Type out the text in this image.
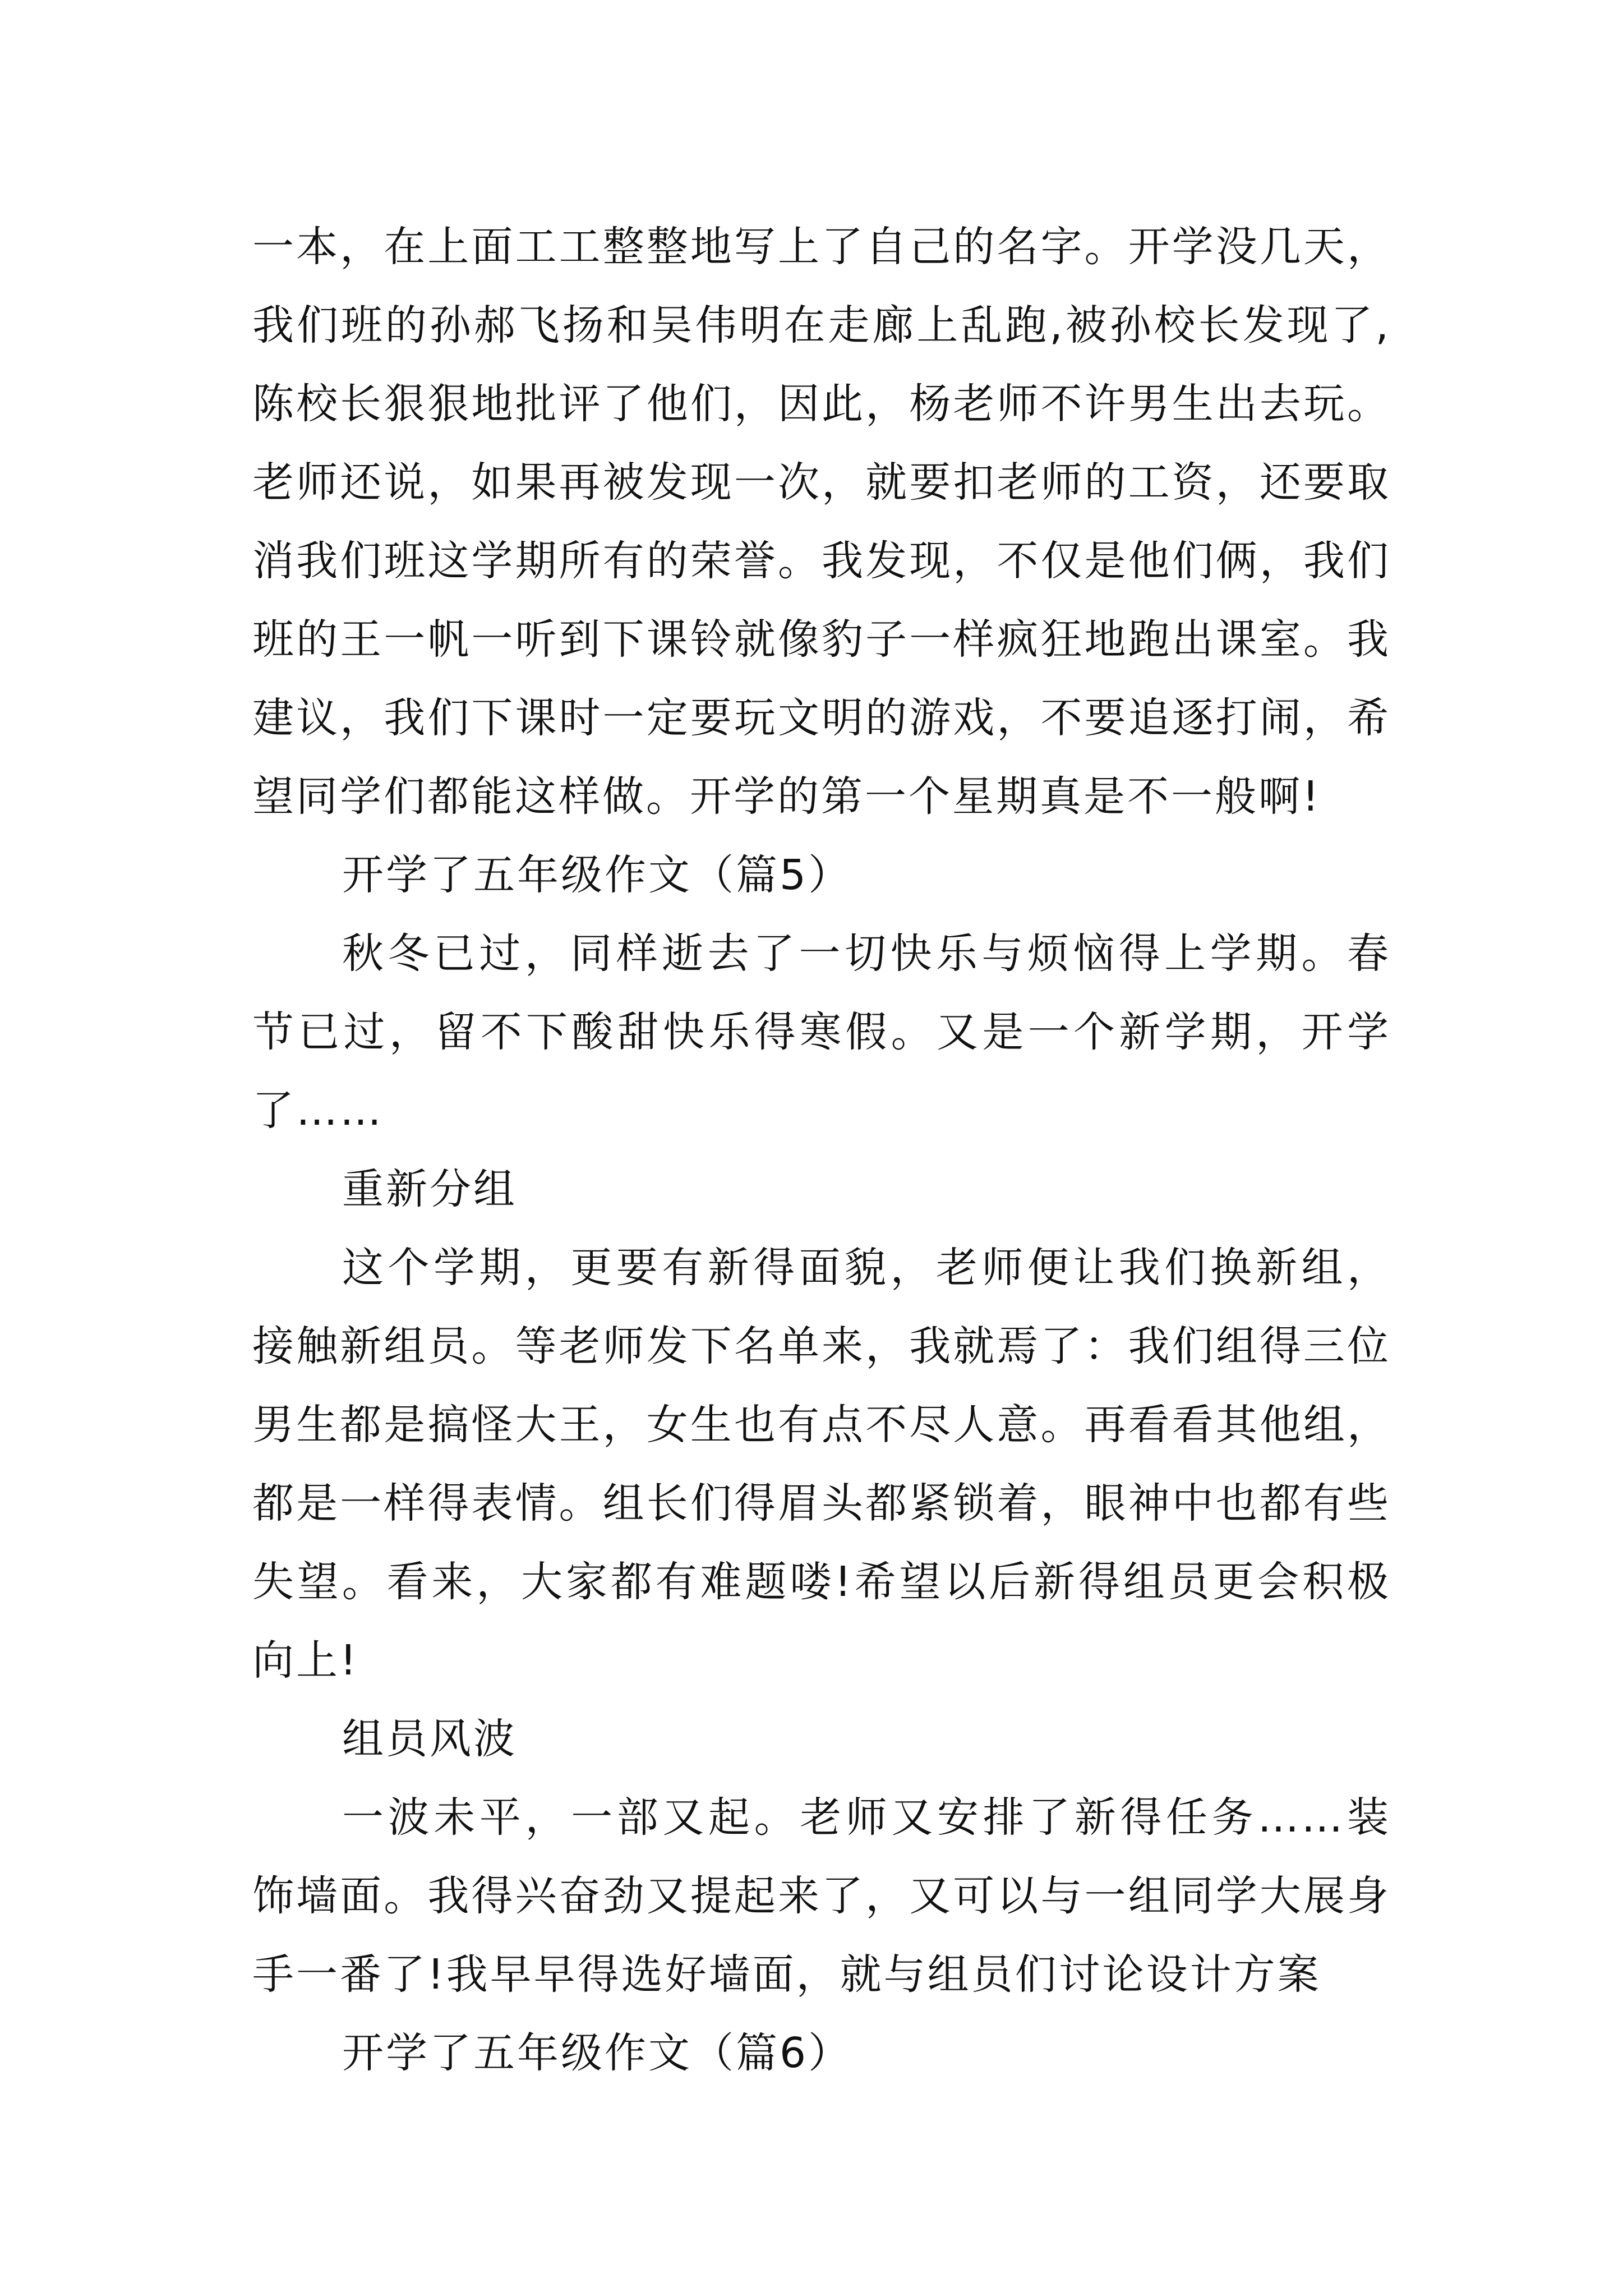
一本，在上面工工整整地写上了自己的名字。开学没几天，我们班的孙郝飞扬和吴伟明在走廊上乱跑,被孙校长发现了,陈校长狠狠地批评了他们，因此，杨老师不许男生出去玩。老师还说，如果再被发现一次，就要扣老师的工资，还要取消我们班这学期所有的荣誉。我发现，不仅是他们俩，我们班的王一帆一听到下课铃就像豹子一样疯狂地跑出课室。我建议，我们下课时一定要玩文明的游戏，不要追逐打闹，希望同学们都能这样做。开学的第一个星期真是不一般啊!

开学了五年级作文（篇5）

秋冬已过，同样逝去了一切快乐与烦恼得上学期。春节已过，留不下酸甜快乐得寒假。又是一个新学期，开学了……

重新分组

这个学期，更要有新得面貌，老师便让我们换新组，接触新组员。等老师发下名单来，我就焉了：我们组得三位男生都是搞怪大王，女生也有点不尽人意。再看看其他组，都是一样得表情。组长们得眉头都紧锁着，眼神中也都有些失望。看来，大家都有难题喽!希望以后新得组员更会积极向上!

组员风波

一波未平，一部又起。老师又安排了新得任务……装饰墙面。我得兴奋劲又提起来了，又可以与一组同学大展身手一番了!我早早得选好墙面，就与组员们讨论设计方案

开学了五年级作文（篇6）
